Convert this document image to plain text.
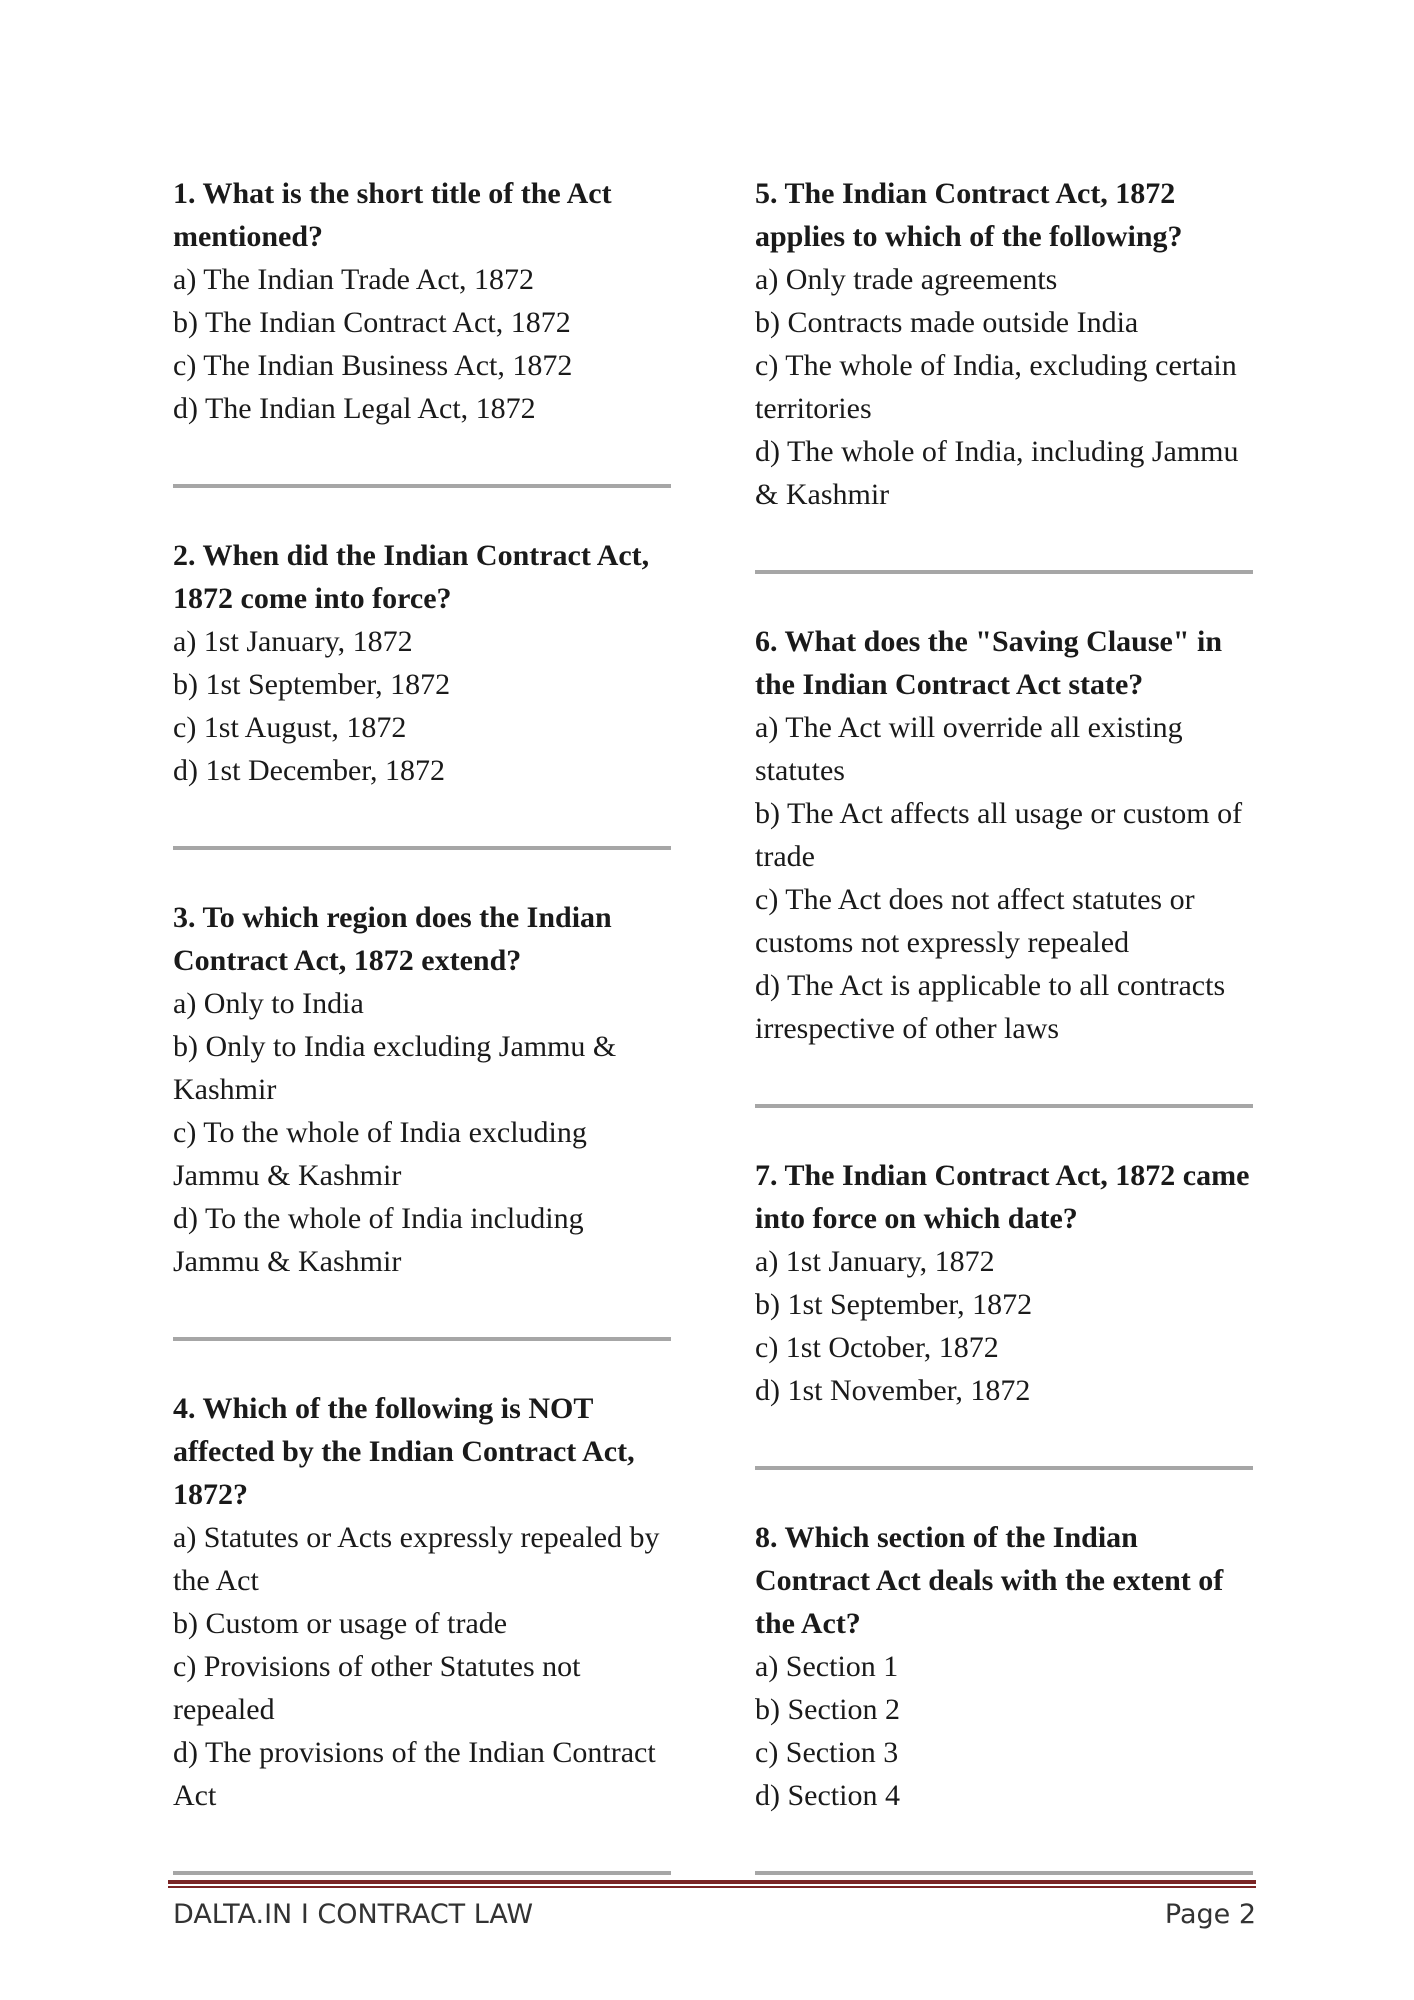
1. What is the short title of the Act mentioned?

a) The Indian Trade Act, 1872

b) The Indian Contract Act, 1872

c) The Indian Business Act, 1872

d) The Indian Legal Act, 1872

2. When did the Indian Contract Act, 1872 come into force?

a) 1st January, 1872

b) 1st September, 1872

c) 1st August, 1872

d) 1st December, 1872

3. To which region does the Indian Contract Act, 1872 extend?

a) Only to India

b) Only to India excluding Jammu & Kashmir

c) To the whole of India excluding Jammu & Kashmir

d) To the whole of India including Jammu & Kashmir

4. Which of the following is NOT affected by the Indian Contract Act, 1872?

a) Statutes or Acts expressly repealed by the Act

b) Custom or usage of trade

c) Provisions of other Statutes not repealed

d) The provisions of the Indian Contract Act

5. The Indian Contract Act, 1872 applies to which of the following?

a) Only trade agreements

b) Contracts made outside India

c) The whole of India, excluding certain territories

d) The whole of India, including Jammu & Kashmir

6. What does the "Saving Clause" in the Indian Contract Act state?

a) The Act will override all existing statutes

b) The Act affects all usage or custom of trade

c) The Act does not affect statutes or customs not expressly repealed

d) The Act is applicable to all contracts irrespective of other laws

7. The Indian Contract Act, 1872 came into force on which date?

a) 1st January, 1872

b) 1st September, 1872

c) 1st October, 1872

d) 1st November, 1872

8. Which section of the Indian Contract Act deals with the extent of the Act?

a) Section 1

b) Section 2

c) Section 3

d) Section 4

DALTA.IN I CONTRACT LAW	Page 2
